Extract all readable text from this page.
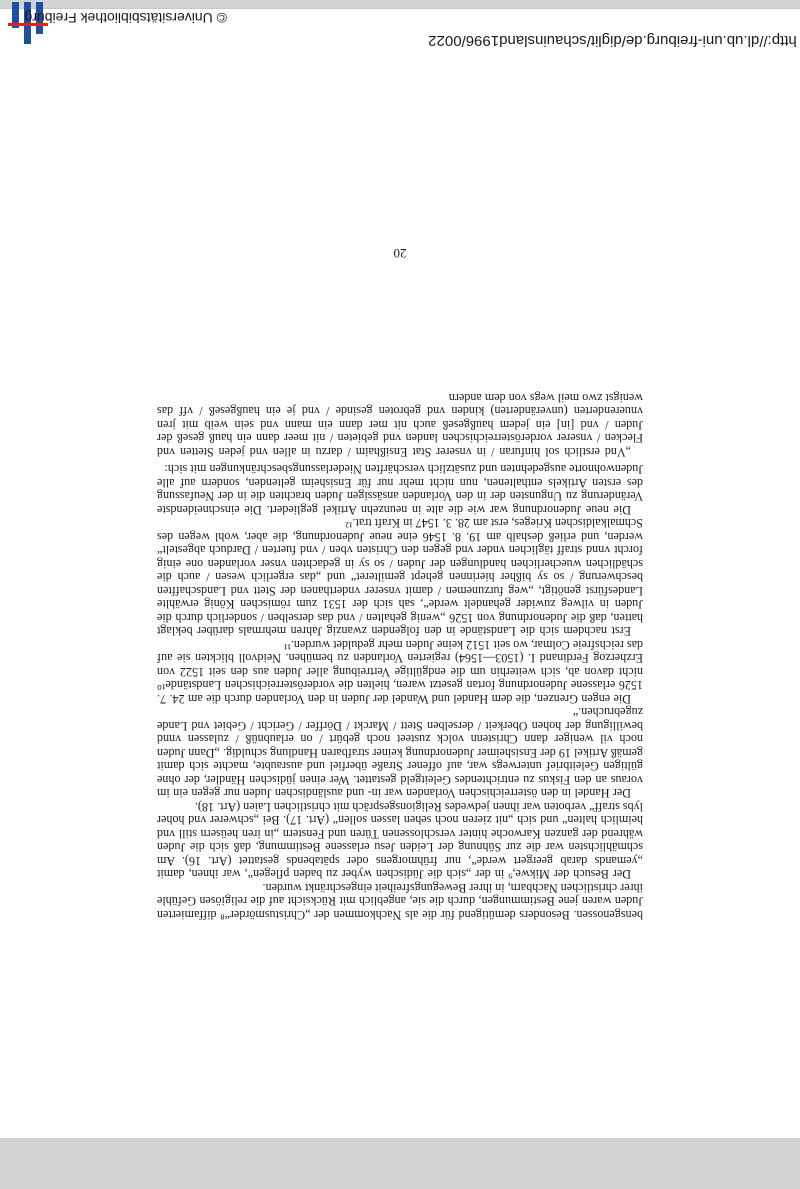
http://dl.ub.uni-freiburg.de/diglit/schauinsland1996/0022
© Universitätsbibliothek Freiburg

bensgenossen. Besonders demütigend für die als Nachkommen der „Christusmörder“⁸ diffamierten Juden waren jene Bestimmungen, durch die sie, angeblich mit Rücksicht auf die religiösen Gefühle ihrer christlichen Nachbarn, in ihrer Bewegungsfreiheit eingeschränkt wurden.

Der Besuch der Mikwe,⁹ in der „sich die Jüdischen wyber zu baden pflegen“, war ihnen, damit „yemands darab geergert werde“, nur frühmorgens oder spätabends gestattet (Art. 16). Am schmählichsten war die zur Sühnung der Leiden Jesu erlassene Bestimmung, daß sich die Juden während der ganzen Karwoche hinter verschlossenen Türen und Fenstern „in iren heüsern still vnd heimlich halten“ und sich „nit zieren noch sehen lassen sollen“ (Art. 17). Bei „schwerer vnd hoher lybs straff“ verboten war ihnen jedwedes Religionsgespräch mit christlichen Laien (Art. 18).

Der Handel in den österreichischen Vorlanden war in- und ausländischen Juden nur gegen ein im voraus an den Fiskus zu entrichtendes Geleitgeld gestattet. Wer einen jüdischen Händler, der ohne gültigen Geleitbrief unterwegs war, auf offener Straße überfiel und ausraubte, machte sich damit gemäß Artikel 19 der Ensisheimer Judenordnung keiner strafbaren Handlung schuldig. „Dann Juden noch vil weniger dann Christenn volck zusteet noch gebürt / on erlaubnüß / zulassen vnnd bewilligung der hohen Oberkeit / derselben Stett / Marckt / Dörffer / Gericht / Gebiet vnd Lande zugebruchen.“

Die engen Grenzen, die dem Handel und Wandel der Juden in den Vorlanden durch die am 24. 7. 1526 erlassene Judenordnung fortan gesetzt waren, hielten die vorderösterreichischen Landstände¹⁰ nicht davon ab, sich weiterhin um die endgültige Vertreibung aller Juden aus den seit 1522 von Erzherzog Ferdinand I. (1503—1564) regierten Vorlanden zu bemühen. Neidvoll blickten sie auf das reichsfreie Colmar, wo seit 1512 keine Juden mehr geduldet wurden.¹¹

Erst nachdem sich die Landstände in den folgenden zwanzig Jahren mehrmals darüber beklagt hatten, daß die Judenordnung von 1526 „wenig gehalten / vnd das derselben / sonderlich durch die Juden in vilweg zuwider gehandelt werde“, sah sich der 1531 zum römischen König erwählte Landesfürst genötigt, „weg furzunemen / damit vnserer vnderthanen der Stett vnd Landschafften beschwerung / so sy bißher hierinnen gehept gemilteret“ und „das ergerlich wesen / auch die schädlichen wuecherlichen handlungen der Juden / so sy in gedachten vnser vorlanden one einig forcht vnnd straff täglichen vnder vnd gegen den Christen vben / vnd fuerten / Darduch abgestelt“ werden, und erließ deshalb am 19. 8. 1546 eine neue Judenordnung, die aber, wohl wegen des Schmalkaldischen Krieges, erst am 28. 3. 1547 in Kraft trat.¹²

Die neue Judenordnung war wie die alte in neunzehn Artikel gegliedert. Die einschneidendste Veränderung zu Ungunsten der in den Vorlanden ansässigen Juden brachten die in der Neufassung des ersten Artikels enthaltenen, nun nicht mehr nur für Ensisheim geltenden, sondern auf alle Judenwohnorte ausgedehnten und zusätzlich verschärften Niederlassungsbeschränkungen mit sich:

„Vnd erstlich sol hinfuran / in vnserer Stat Ensißhaim / darzu in allen vnd jeden Stetten vnd Flecken / vnserer vorderösterreichischen landen vnd gebieten / nit meer dann ein hauß geseß der Juden / vnd [in] ein jedem haußgeseß auch nit mer dann ein mann vnd sein weib mit jren vnuerenderten (unveränderten) kinden vnd gebroten gesinde / vnd je ein haußgeseß / vff das wenigst zwo meil wegs von dem andern

20
